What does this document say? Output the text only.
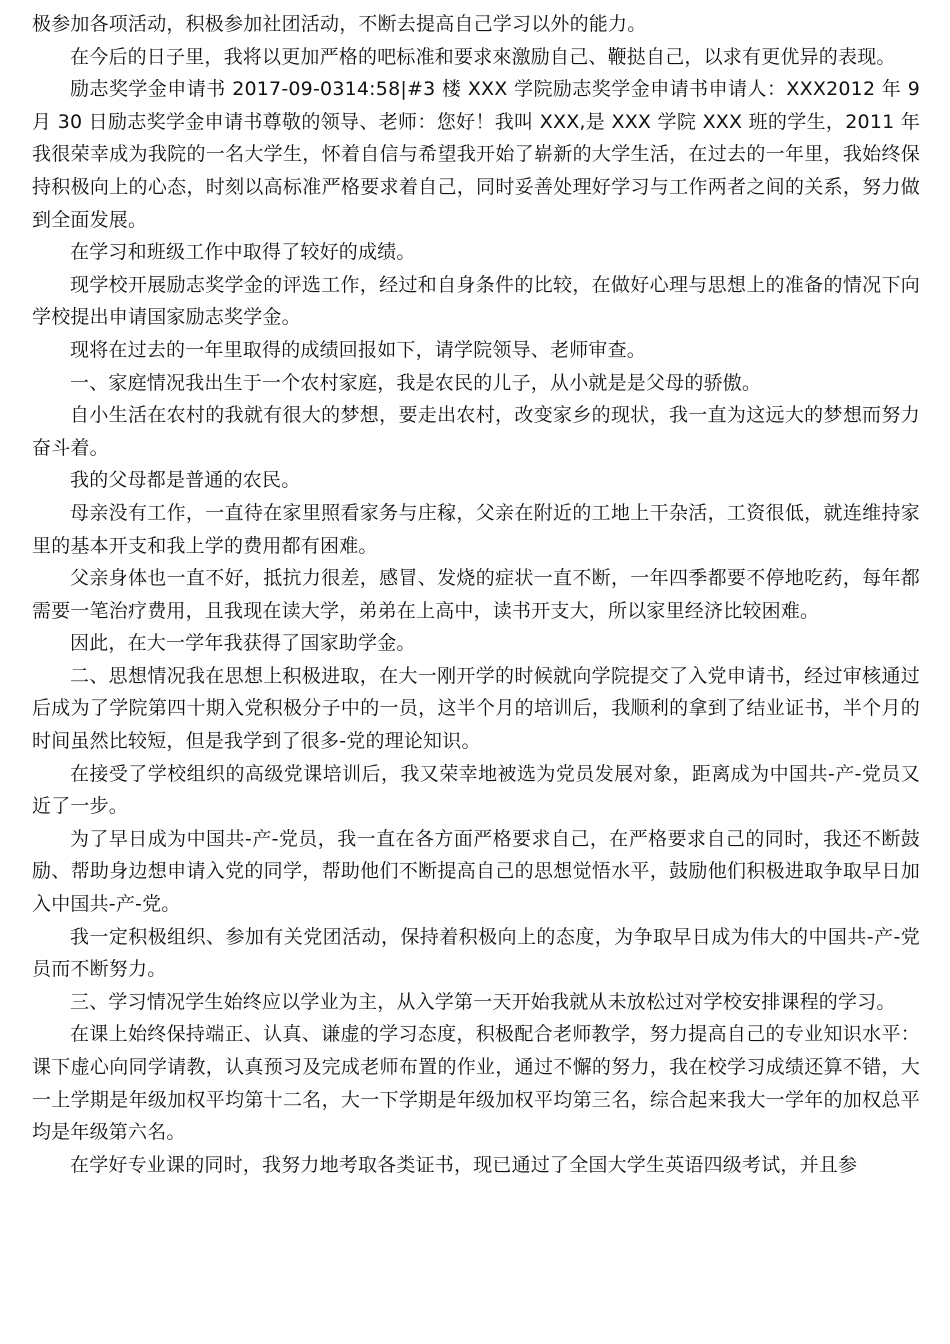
极参加各项活动，积极参加社团活动，不断去提高自己学习以外的能力。

在今后的日子里，我将以更加严格的吧标准和要求來激励自己、鞭挞自己，以求有更优异的表现。

励志奖学金申请书 2017-09-0314:58|#3 楼 XXX 学院励志奖学金申请书申请人：XXX2012 年 9 月 30 日励志奖学金申请书尊敬的领导、老师：您好！我叫 XXX,是 XXX 学院 XXX 班的学生，2011 年我很荣幸成为我院的一名大学生，怀着自信与希望我开始了崭新的大学生活，在过去的一年里，我始终保持积极向上的心态，时刻以高标准严格要求着自己，同时妥善处理好学习与工作两者之间的关系，努力做到全面发展。

在学习和班级工作中取得了较好的成绩。

现学校开展励志奖学金的评选工作，经过和自身条件的比较，在做好心理与思想上的准备的情况下向学校提出申请国家励志奖学金。

现将在过去的一年里取得的成绩回报如下，请学院领导、老师审查。

一、家庭情况我出生于一个农村家庭，我是农民的儿子，从小就是是父母的骄傲。

自小生活在农村的我就有很大的梦想，要走出农村，改变家乡的现状，我一直为这远大的梦想而努力奋斗着。

我的父母都是普通的农民。

母亲没有工作，一直待在家里照看家务与庄稼，父亲在附近的工地上干杂活，工资很低，就连维持家里的基本开支和我上学的费用都有困难。

父亲身体也一直不好，抵抗力很差，感冒、发烧的症状一直不断，一年四季都要不停地吃药，每年都需要一笔治疗费用，且我现在读大学，弟弟在上高中，读书开支大，所以家里经济比较困难。

因此，在大一学年我获得了国家助学金。

二、思想情况我在思想上积极进取，在大一刚开学的时候就向学院提交了入党申请书，经过审核通过后成为了学院第四十期入党积极分子中的一员，这半个月的培训后，我顺利的拿到了结业证书，半个月的时间虽然比较短，但是我学到了很多-党的理论知识。

在接受了学校组织的高级党课培训后，我又荣幸地被选为党员发展对象，距离成为中国共-产-党员又近了一步。

为了早日成为中国共-产-党员，我一直在各方面严格要求自己，在严格要求自己的同时，我还不断鼓励、帮助身边想申请入党的同学，帮助他们不断提高自己的思想觉悟水平，鼓励他们积极进取争取早日加入中国共-产-党。

我一定积极组织、参加有关党团活动，保持着积极向上的态度，为争取早日成为伟大的中国共-产-党员而不断努力。

三、学习情况学生始终应以学业为主，从入学第一天开始我就从未放松过对学校安排课程的学习。

在课上始终保持端正、认真、谦虚的学习态度，积极配合老师教学，努力提高自己的专业知识水平：课下虚心向同学请教，认真预习及完成老师布置的作业，通过不懈的努力，我在校学习成绩还算不错，大一上学期是年级加权平均第十二名，大一下学期是年级加权平均第三名，综合起来我大一学年的加权总平均是年级第六名。

在学好专业课的同时，我努力地考取各类证书，现已通过了全国大学生英语四级考试，并且参
